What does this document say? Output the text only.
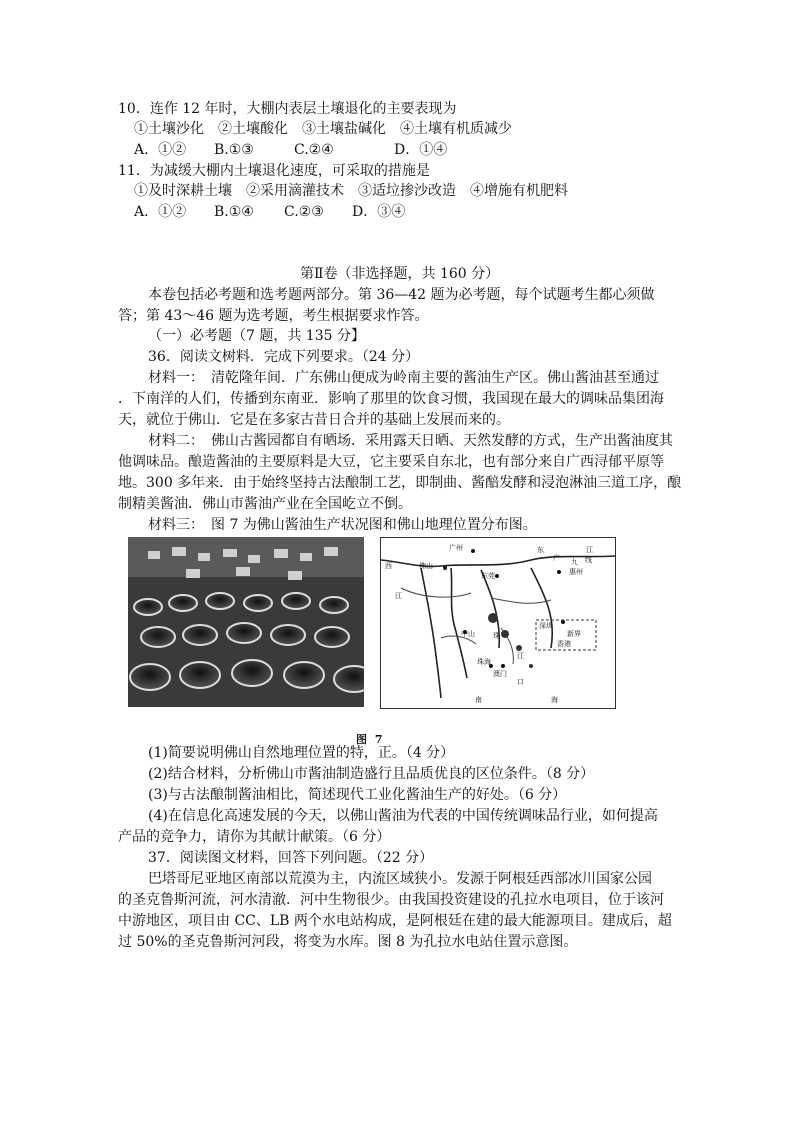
10．连作 12 年时，大棚内表层土壤退化的主要表现为
①土壤沙化　②土壤酸化　③土壤盐碱化　④土壤有机质减少
A．①② B.①③	C.②④	D．①④
11．为减缓大棚内土壤退化速度，可采取的措施是
①及时深耕土壤　②采用滴灌技术　③适垃掺沙改造　④增施有机肥料
A．①② B.①④ C.②③ D．③④
第Ⅱ卷（非选择题，共 160 分）
本卷包括必考题和选考题两部分。第 36—42 题为必考题，每个试题考生都心须做
答；第 43～46 题为选考题，考生根据要求怍答。
（一）必考题（7 题，共 135 分】
36．阅读文树料．完成下列要求。（24 分）
材料一：　清乾隆年间．广东佛山便成为岭南主要的酱油生产区。佛山酱油甚至通过
．下南洋的人们，传播到东南亚．影响了那里的饮食习惯，我国现在最大的调味品集团海
天，就位于佛山．它是在多家古昔日合并的基础上发展而来的。
材料二：　佛山古酱园都自有晒场．采用露天日晒、天然发酵的方式，生产出酱油度其
他调味品。酿造酱油的主要原料是大豆，它主要采自东北，也有部分来自广西浔郁平原等
地。300 多年来．由于始终坚持古法酿制工艺，即制曲、酱醅发酵和浸泡淋油三道工序，酿
制精美酱油．佛山市酱油产业在全国屹立不倒。
材料三：　图 7 为佛山酱油生产状况图和佛山地理位置分布图。
广州
佛山
西
东	江
东莞	惠州
九
广	线
江
中山	珠
深圳
珠海
澳门
江
香港
新界
口
南	海
图 7
(1)简要说明佛山自然地理位置的特，正。（4 分）
(2)结合材料，分析佛山市酱油制造盛行且品质优良的区位条件。（8 分）
(3)与古法酿制酱油相比，简述现代工业化酱油生产的好处。（6 分）
(4)在信息化高速发展的今天，以佛山酱油为代表的中国传统调味品行业，如何提高
产品的竞争力，请你为其献计献策。（6 分）
37．阅读图文材料，回答下列问题。（22 分）
巴塔哥尼亚地区南部以荒漠为主，内流区域狭小。发源于阿根廷西部冰川国家公园
的圣克鲁斯河流，河水清澈．河中生物很少。由我国投资建设的孔拉水电项目，位于该河
中游地区，项目由 CC、LB 两个水电站构成，是阿根廷在建的最大能源项目。建成后，超
过 50%的圣克鲁斯河河段，将变为水库。图 8 为孔拉水电站住置示意图。
